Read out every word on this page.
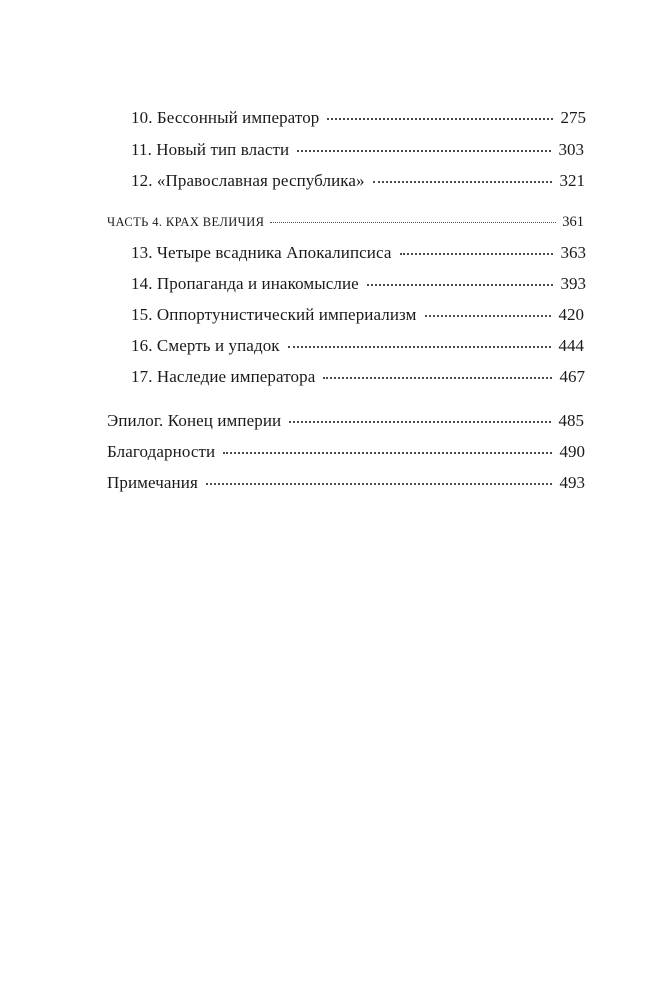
10. Бессонный император	275
11. Новый тип власти	303
12. «Православная республика»	321
ЧАСТЬ 4. КРАХ ВЕЛИЧИЯ	361
13. Четыре всадника Апокалипсиса	363
14. Пропаганда и инакомыслие	393
15. Оппортунистический империализм	420
16. Смерть и упадок	444
17. Наследие императора	467
Эпилог. Конец империи	485
Благодарности	490
Примечания	493
